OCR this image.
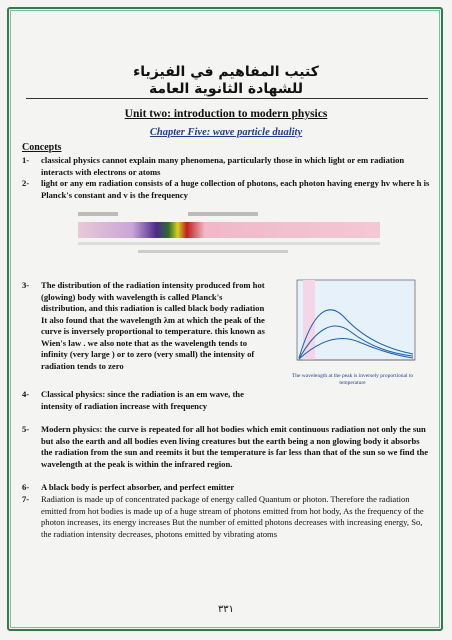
كتيب المفاهيم في الفيزياء
للشهادة الثانوية العامة
Unit two: introduction to modern physics
Chapter Five: wave particle duality
Concepts
1-	classical physics cannot explain many phenomena, particularly those in which light or em radiation interacts with electrons or atoms
2-	light or any em radiation consists of a huge collection of photons, each photon having energy hv where h is Planck's constant and v is the frequency
3-	The distribution of the radiation intensity produced from hot (glowing) body with wavelength is called Planck's distribution, and this radiation is called black body radiation It also found that the wavelength λm at which the peak of the curve is inversely proportional to temperature. this known as Wien's law . we also note that as the wavelength tends to infinity (very large ) or to zero (very small) the intensity of radiation tends to zero
The wavelength at the peak is inversely proportional to temperature
4-	Classical physics: since the radiation is an em wave, the intensity of radiation increase with frequency
5-	Modern physics: the curve is repeated for all hot bodies which emit continuous radiation not only the sun but also the earth and all bodies even living creatures but the earth being a non glowing body it absorbs the radiation from the sun and reemits it but the temperature is far less than that of the sun so we find the wavelength at the peak is within the infrared region.
6-	A black body is perfect absorber, and perfect emitter
7-	Radiation is made up of concentrated package of energy called Quantum or photon. Therefore the radiation emitted from hot bodies is made up of a huge stream of photons emitted from hot body, As the frequency of the photon increases, its energy increases But the number of emitted photons decreases with increasing energy, So, the radiation intensity decreases, photons emitted by vibrating atoms
٣٣١
